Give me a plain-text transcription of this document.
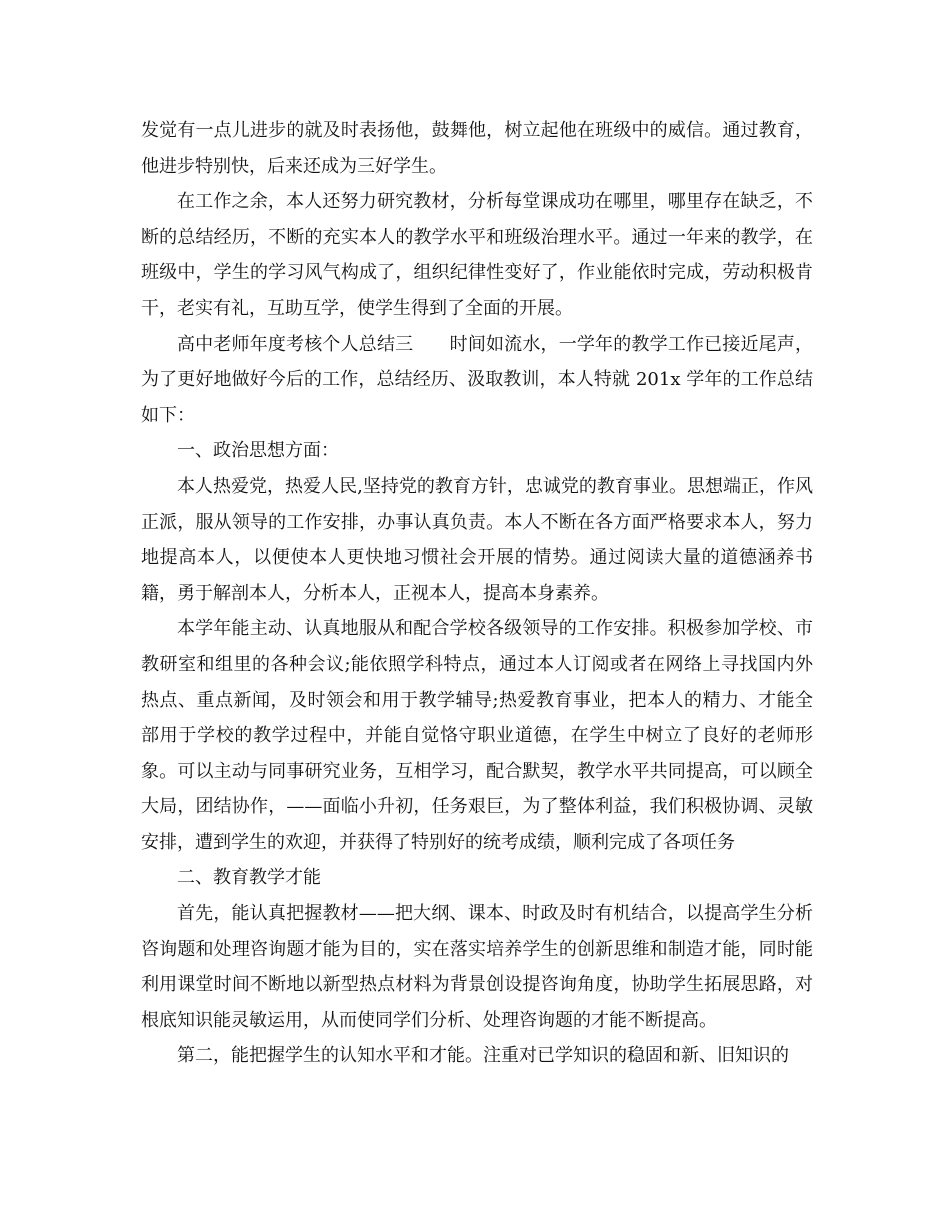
发觉有一点儿进步的就及时表扬他，鼓舞他，树立起他在班级中的威信。通过教育，他进步特别快，后来还成为三好学生。

在工作之余，本人还努力研究教材，分析每堂课成功在哪里，哪里存在缺乏，不断的总结经历，不断的充实本人的教学水平和班级治理水平。通过一年来的教学，在班级中，学生的学习风气构成了，组织纪律性变好了，作业能依时完成，劳动积极肯干，老实有礼，互助互学，使学生得到了全面的开展。

高中老师年度考核个人总结三　　时间如流水，一学年的教学工作已接近尾声，为了更好地做好今后的工作，总结经历、汲取教训，本人特就 201x 学年的工作总结如下：

一、政治思想方面：

本人热爱党，热爱人民,坚持党的教育方针，忠诚党的教育事业。思想端正，作风正派，服从领导的工作安排，办事认真负责。本人不断在各方面严格要求本人，努力地提高本人，以便使本人更快地习惯社会开展的情势。通过阅读大量的道德涵养书籍，勇于解剖本人，分析本人，正视本人，提高本身素养。

本学年能主动、认真地服从和配合学校各级领导的工作安排。积极参加学校、市教研室和组里的各种会议;能依照学科特点，通过本人订阅或者在网络上寻找国内外热点、重点新闻，及时领会和用于教学辅导;热爱教育事业，把本人的精力、才能全部用于学校的教学过程中，并能自觉恪守职业道德，在学生中树立了良好的老师形象。可以主动与同事研究业务，互相学习，配合默契，教学水平共同提高，可以顾全大局，团结协作，——面临小升初，任务艰巨，为了整体利益，我们积极协调、灵敏安排，遭到学生的欢迎，并获得了特别好的统考成绩，顺利完成了各项任务

二、教育教学才能

首先，能认真把握教材——把大纲、课本、时政及时有机结合，以提高学生分析咨询题和处理咨询题才能为目的，实在落实培养学生的创新思维和制造才能，同时能利用课堂时间不断地以新型热点材料为背景创设提咨询角度，协助学生拓展思路，对根底知识能灵敏运用，从而使同学们分析、处理咨询题的才能不断提高。

第二，能把握学生的认知水平和才能。注重对已学知识的稳固和新、旧知识的
